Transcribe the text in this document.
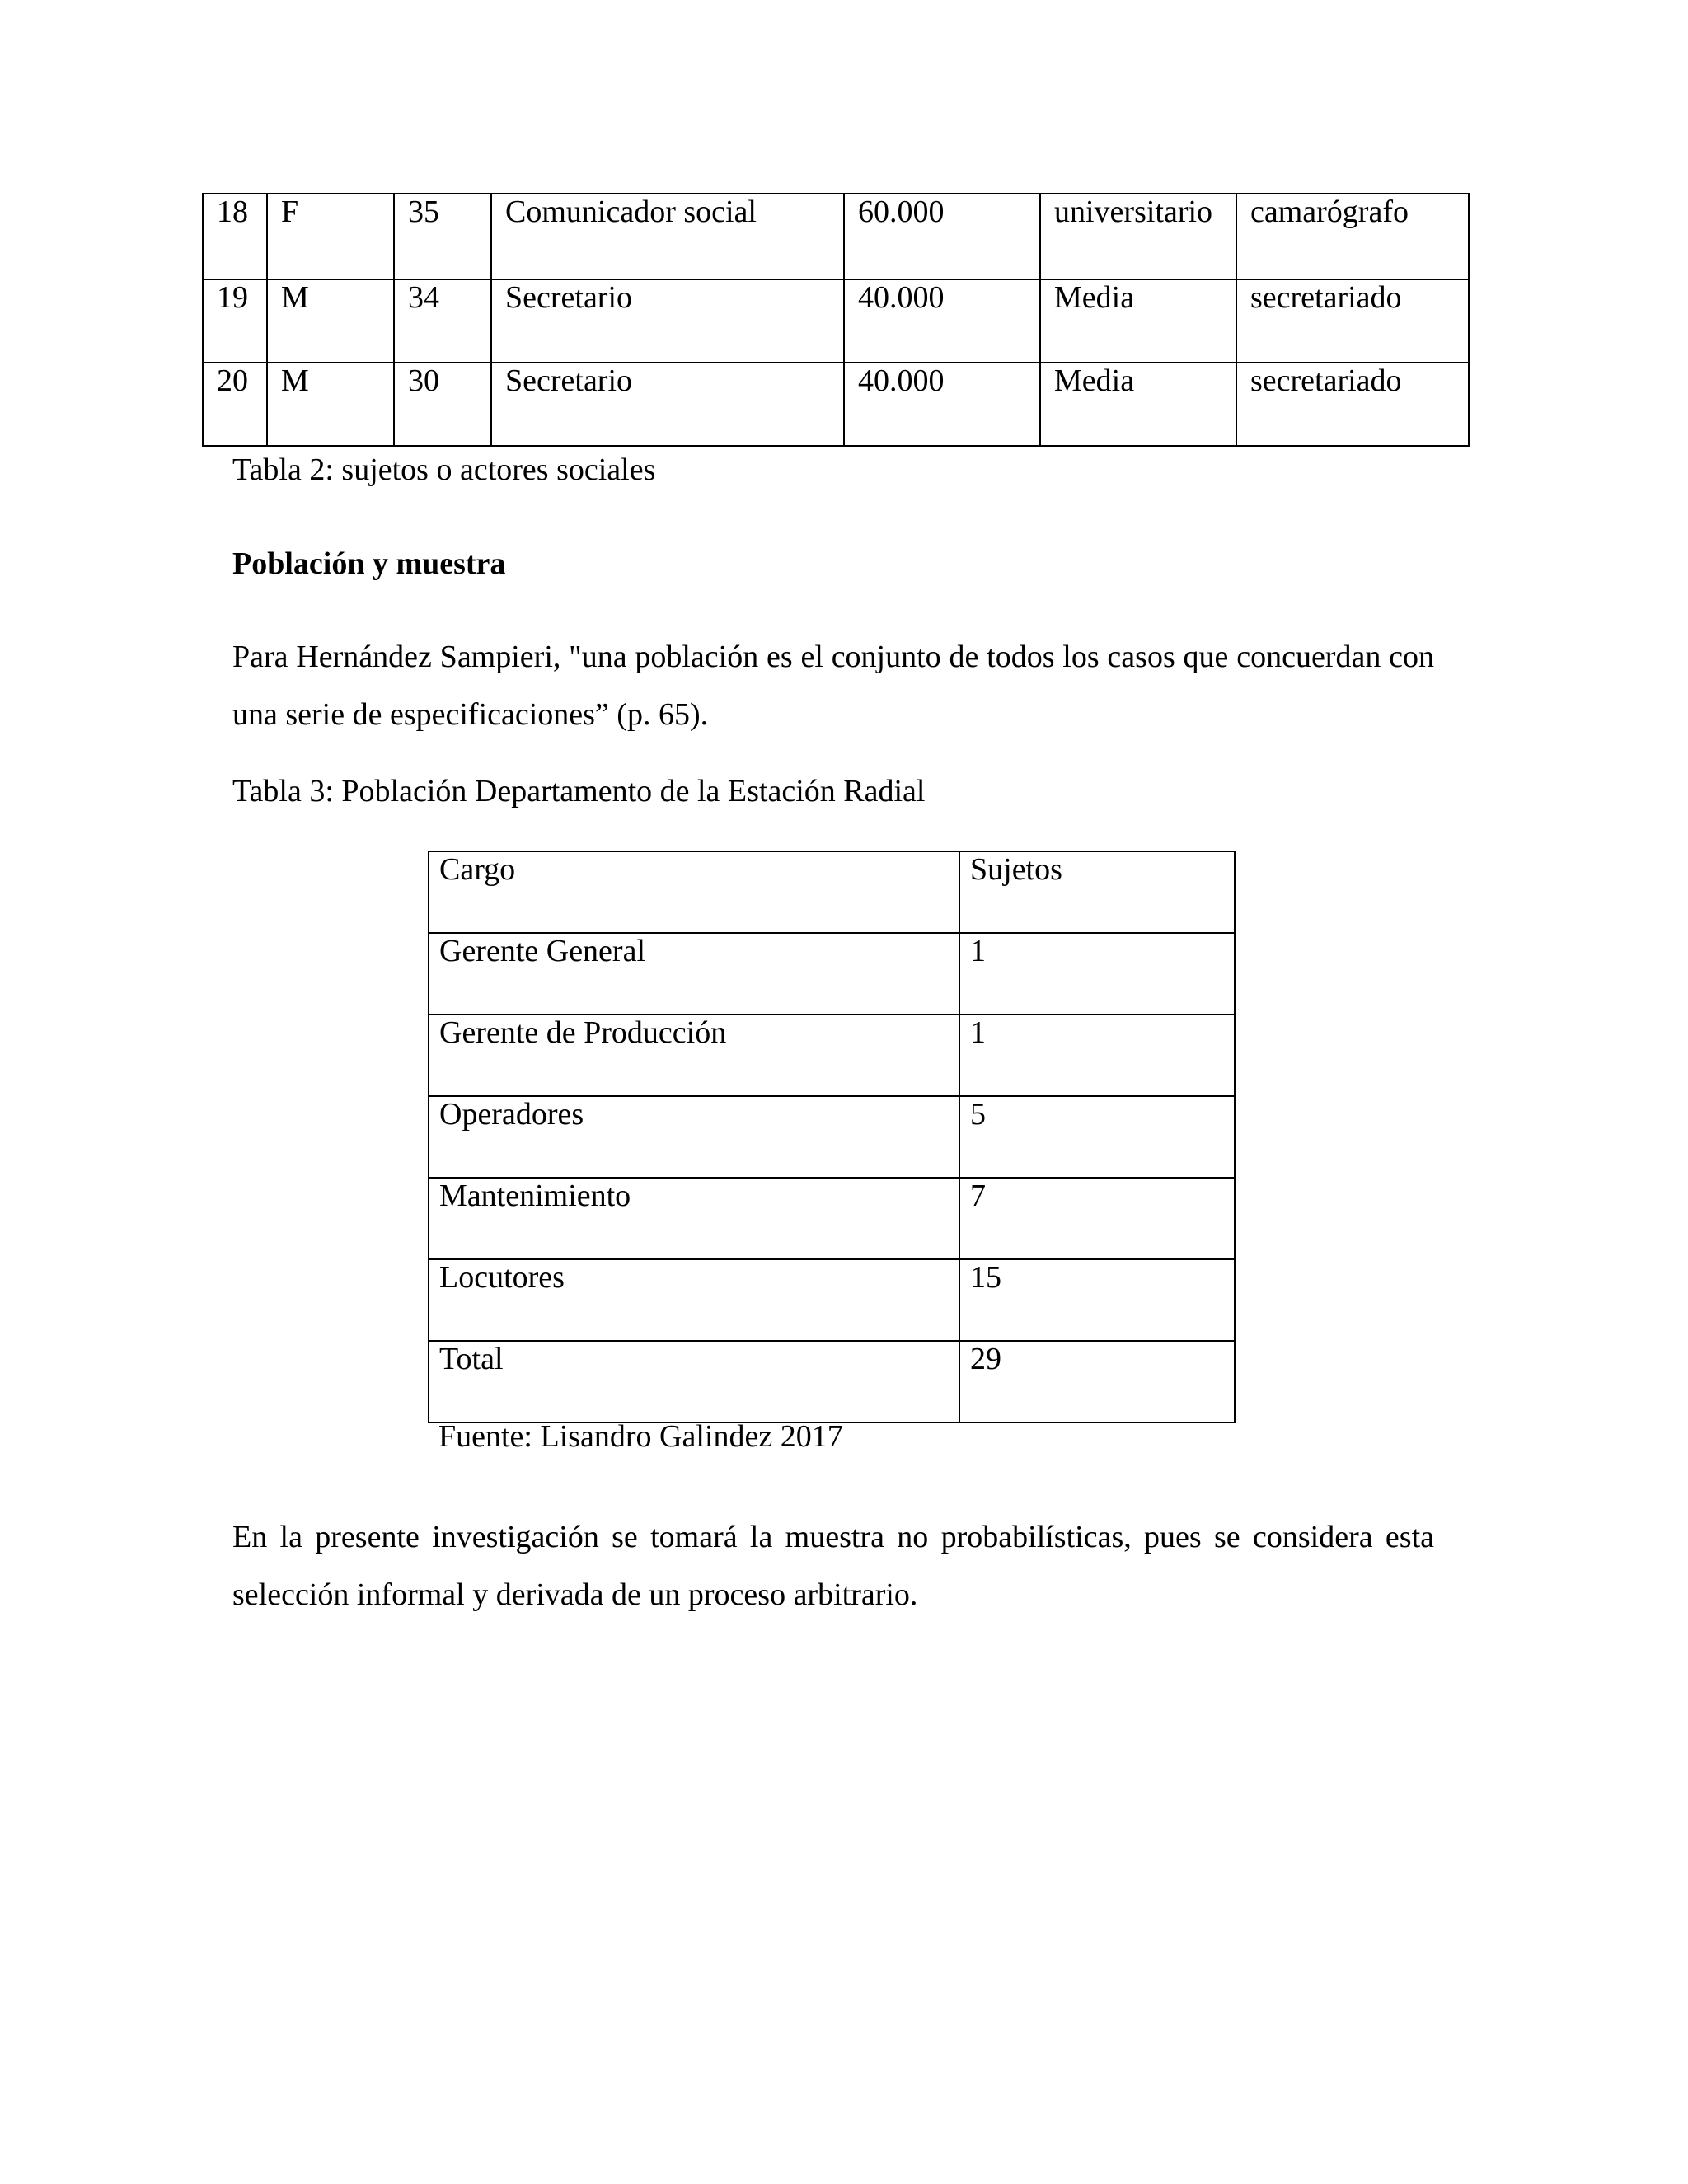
18	F	35	Comunicador social	60.000	universitario	camarógrafo
19	M	34	Secretario	40.000	Media	secretariado
20	M	30	Secretario	40.000	Media	secretariado
Tabla 2: sujetos o actores sociales
Población y muestra

Para Hernández Sampieri, "una población es el conjunto de todos los casos que concuerdan con una serie de especificaciones” (p. 65).

Tabla 3: Población Departamento de la Estación Radial
Cargo	Sujetos
Gerente General	1
Gerente de Producción	1
Operadores	5
Mantenimiento	7
Locutores	15
Total	29
Fuente: Lisandro Galindez 2017

En la presente investigación se tomará la muestra no probabilísticas, pues se considera esta selección informal y derivada de un proceso arbitrario.
